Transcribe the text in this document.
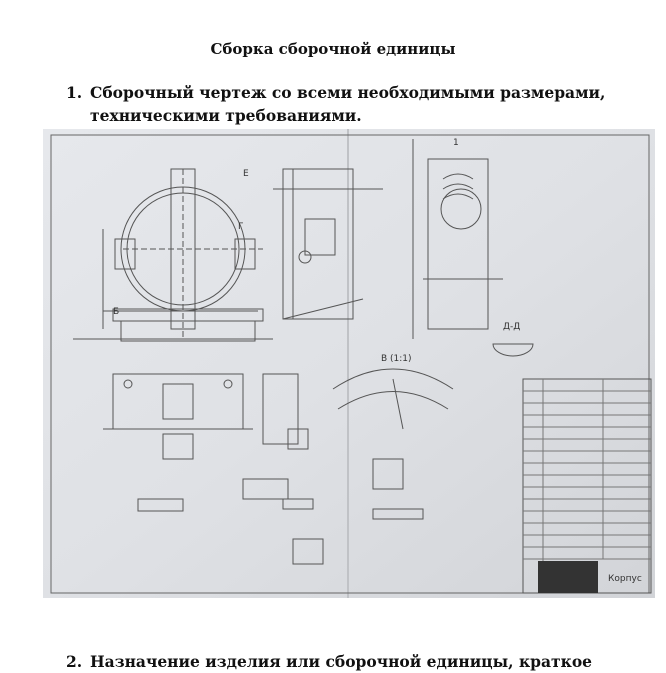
Сборка сборочной единицы
1. Сборочный чертеж со всеми необходимыми размерами, техническими требованиями.
Корпус
Б
Г
Д-Д
В (1:1)
Е
1
2. Назначение изделия или сборочной единицы, краткое
